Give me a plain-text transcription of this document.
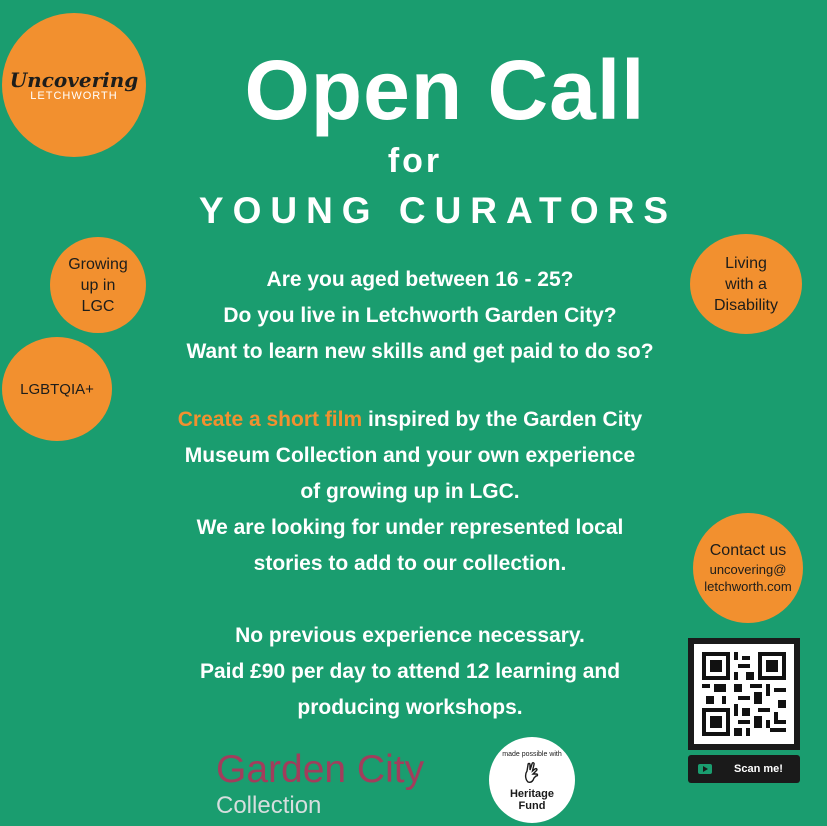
Uncovering
LETCHWORTH	Open Call
for
YOUNG CURATORS
Growing
up in
LGC
LGBTQIA+
Living
with a
Disability
Contact us
uncovering@
letchworth.com
Are you aged between 16 - 25?
Do you live in Letchworth Garden City?
Want to learn new skills and get paid to do so?
Create a short film inspired by the Garden City
Museum Collection and your own experience
of growing up in LGC.
We are looking for under represented local
stories to add to our collection.
No previous experience necessary.
Paid £90 per day to attend 12 learning and
producing workshops.
Garden City
Collection
made possible with
Heritage
Fund
Scan me!
